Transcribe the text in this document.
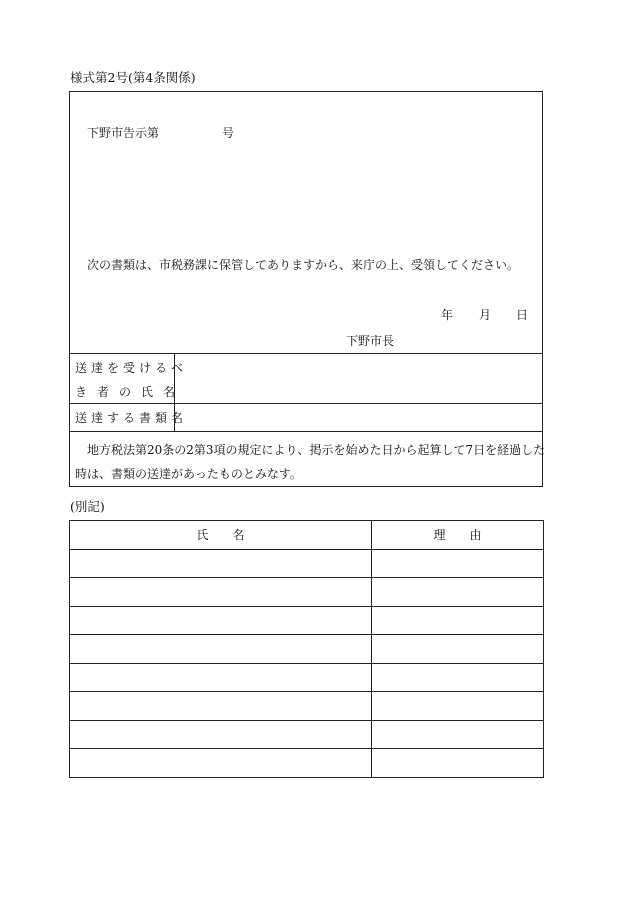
様式第2号(第4条関係)
下野市告示第	号
次の書類は、市税務課に保管してありますから、来庁の上、受領してください。
年 月 日
下野市長
送達を受けるべ
き者の氏名
送達する書類名
地方税法第20条の2第3項の規定により、掲示を始めた日から起算して7日を経過した
時は、書類の送達があったものとみなす。
(別記)
氏　　名	理　　由
